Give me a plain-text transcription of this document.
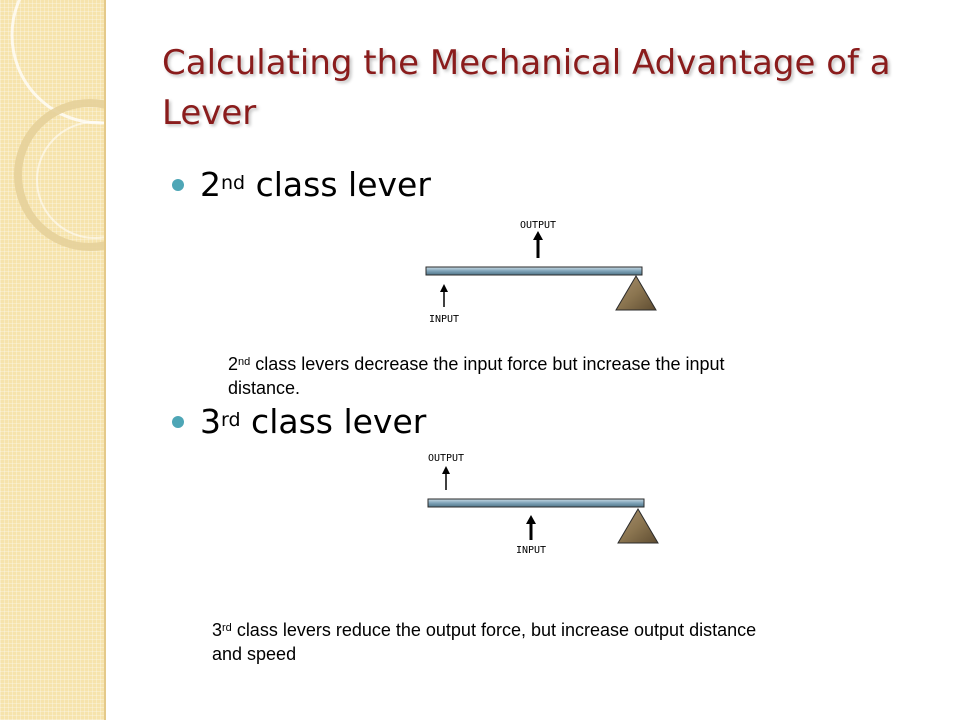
Calculating the Mechanical Advantage of a Lever
2nd class lever
OUTPUT
INPUT
2nd class levers decrease the input force but increase the input distance.
3rd class lever
OUTPUT
INPUT
3rd class levers reduce the output force, but increase output distance and speed
